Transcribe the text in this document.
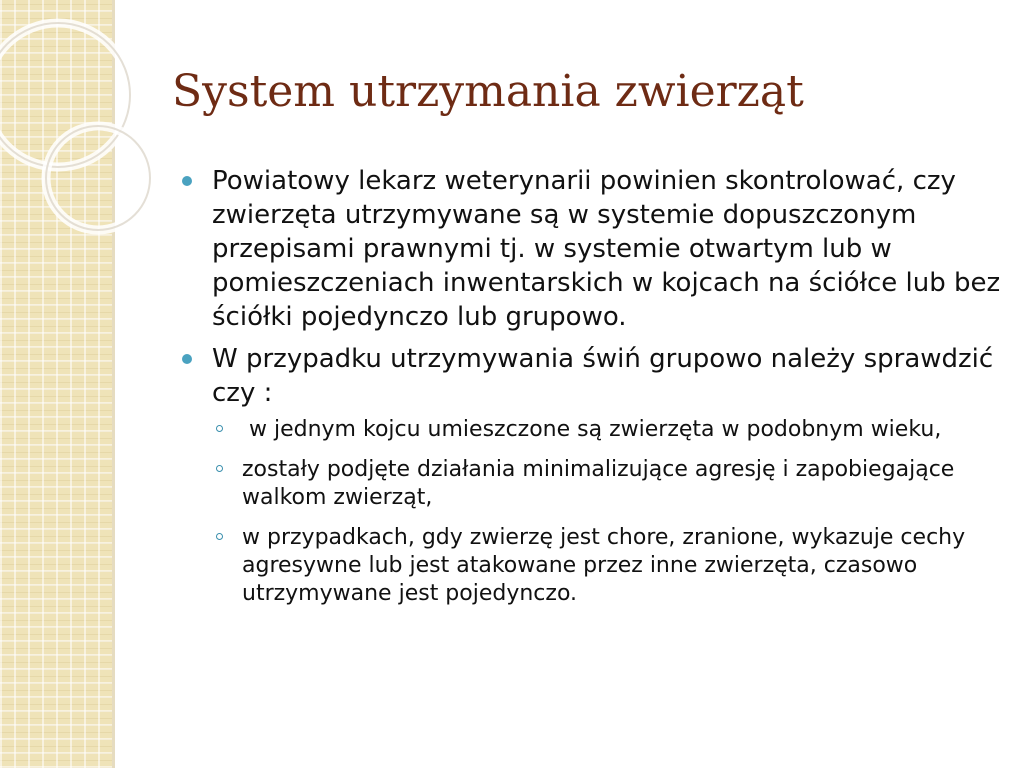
System utrzymania zwierząt
Powiatowy lekarz weterynarii powinien skontrolować, czy zwierzęta utrzymywane są w systemie dopuszczonym przepisami prawnymi tj. w systemie otwartym lub w pomieszczeniach inwentarskich w kojcach na ściółce lub bez ściółki pojedynczo lub grupowo.
W przypadku utrzymywania świń grupowo należy sprawdzić czy :
w jednym kojcu umieszczone są zwierzęta w podobnym wieku,
zostały podjęte działania minimalizujące agresję i zapobiegające walkom zwierząt,
w przypadkach, gdy zwierzę jest chore, zranione, wykazuje cechy agresywne lub jest atakowane przez inne zwierzęta, czasowo utrzymywane jest pojedynczo.
